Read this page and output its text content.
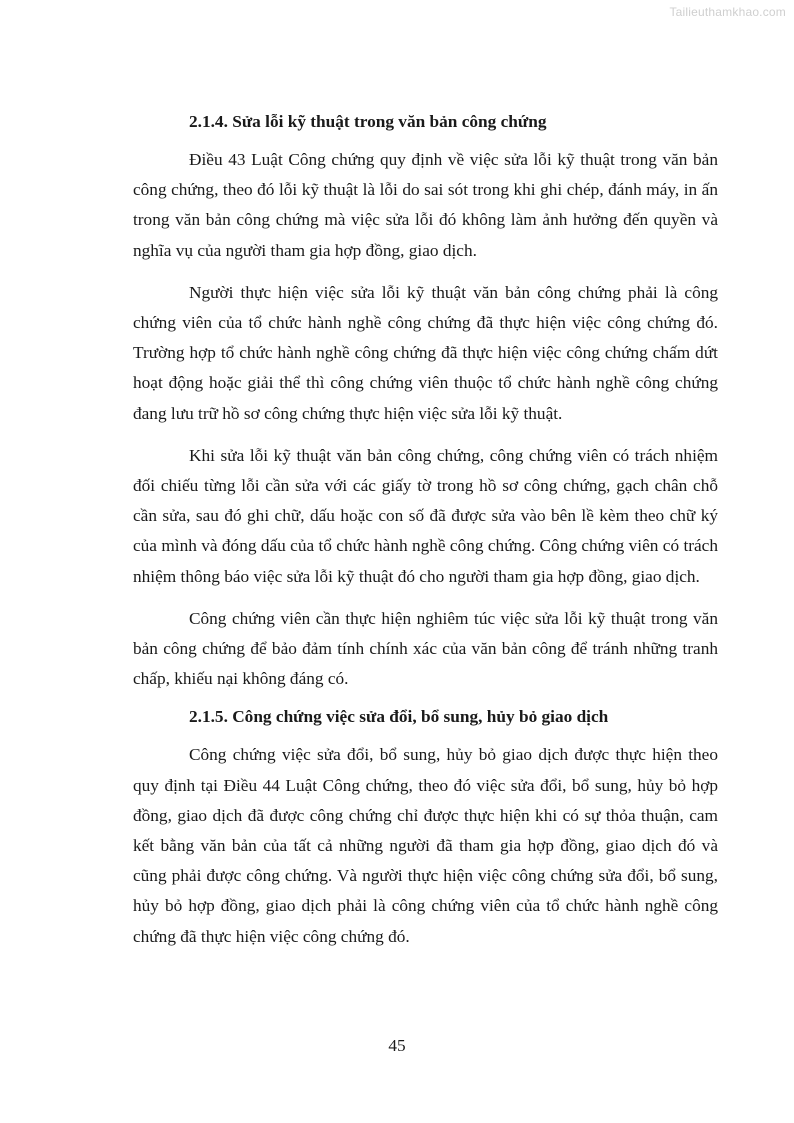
Tailieuthamkhao.com
2.1.4. Sửa lỗi kỹ thuật trong văn bản công chứng

Điều 43 Luật Công chứng quy định về việc sửa lỗi kỹ thuật trong văn bản công chứng, theo đó lỗi kỹ thuật là lỗi do sai sót trong khi ghi chép, đánh máy, in ấn trong văn bản công chứng mà việc sửa lỗi đó không làm ảnh hưởng đến quyền và nghĩa vụ của người tham gia hợp đồng, giao dịch.

Người thực hiện việc sửa lỗi kỹ thuật văn bản công chứng phải là công chứng viên của tổ chức hành nghề công chứng đã thực hiện việc công chứng đó. Trường hợp tổ chức hành nghề công chứng đã thực hiện việc công chứng chấm dứt hoạt động hoặc giải thể thì công chứng viên thuộc tổ chức hành nghề công chứng đang lưu trữ hồ sơ công chứng thực hiện việc sửa lỗi kỹ thuật.

Khi sửa lỗi kỹ thuật văn bản công chứng, công chứng viên có trách nhiệm đối chiếu từng lỗi cần sửa với các giấy tờ trong hồ sơ công chứng, gạch chân chỗ cần sửa, sau đó ghi chữ, dấu hoặc con số đã được sửa vào bên lề kèm theo chữ ký của mình và đóng dấu của tổ chức hành nghề công chứng. Công chứng viên có trách nhiệm thông báo việc sửa lỗi kỹ thuật đó cho người tham gia hợp đồng, giao dịch.

Công chứng viên cần thực hiện nghiêm túc việc sửa lỗi kỹ thuật trong văn bản công chứng để bảo đảm tính chính xác của văn bản công để tránh những tranh chấp, khiếu nại không đáng có.

2.1.5. Công chứng việc sửa đổi, bổ sung, hủy bỏ giao dịch

Công chứng việc sửa đổi, bổ sung, hủy bỏ giao dịch được thực hiện theo quy định tại Điều 44 Luật Công chứng, theo đó việc sửa đổi, bổ sung, hủy bỏ hợp đồng, giao dịch đã được công chứng chỉ được thực hiện khi có sự thỏa thuận, cam kết bằng văn bản của tất cả những người đã tham gia hợp đồng, giao dịch đó và cũng phải được công chứng. Và người thực hiện việc công chứng sửa đổi, bổ sung, hủy bỏ hợp đồng, giao dịch phải là công chứng viên của tổ chức hành nghề công chứng đã thực hiện việc công chứng đó.

45
